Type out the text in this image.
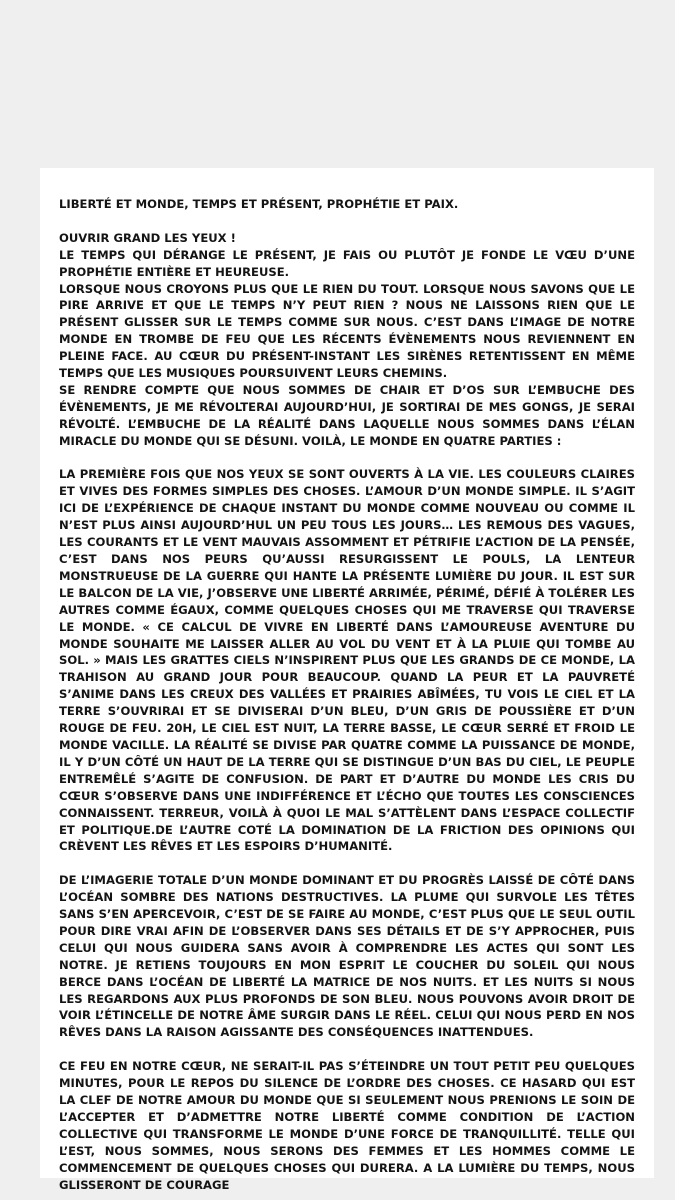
LIBERTÉ ET MONDE, TEMPS ET PRÉSENT, PROPHÉTIE ET PAIX.

OUVRIR GRAND LES YEUX !

LE TEMPS QUI DÉRANGE LE PRÉSENT, JE FAIS OU PLUTÔT JE FONDE LE VŒU D’UNE PROPHÉTIE ENTIÈRE ET HEUREUSE.

LORSQUE NOUS CROYONS PLUS QUE LE RIEN DU TOUT. LORSQUE NOUS SAVONS QUE LE PIRE ARRIVE ET QUE LE TEMPS N’Y PEUT RIEN ? NOUS NE LAISSONS RIEN QUE LE PRÉSENT GLISSER SUR LE TEMPS COMME SUR NOUS. C’EST DANS L’IMAGE DE NOTRE MONDE EN TROMBE DE FEU QUE LES RÉCENTS ÉVÈNEMENTS NOUS REVIENNENT EN PLEINE FACE. AU CŒUR DU PRÉSENT-INSTANT LES SIRÈNES RETENTISSENT EN MÊME TEMPS QUE LES MUSIQUES POURSUIVENT LEURS CHEMINS.

SE RENDRE COMPTE QUE NOUS SOMMES DE CHAIR ET D’OS SUR L’EMBUCHE DES ÉVÈNEMENTS, JE ME RÉVOLTERAI AUJOURD’HUI, JE SORTIRAI DE MES GONGS, JE SERAI RÉVOLTÉ. L’EMBUCHE DE LA RÉALITÉ DANS LAQUELLE NOUS SOMMES DANS L’ÉLAN MIRACLE DU MONDE QUI SE DÉSUNI. VOILÀ, LE MONDE EN QUATRE PARTIES :

LA PREMIÈRE FOIS QUE NOS YEUX SE SONT OUVERTS À LA VIE. LES COULEURS CLAIRES ET VIVES DES FORMES SIMPLES DES CHOSES. L’AMOUR D’UN MONDE SIMPLE. IL S’AGIT ICI DE L’EXPÉRIENCE DE CHAQUE INSTANT DU MONDE COMME NOUVEAU OU COMME IL N’EST PLUS AINSI AUJOURD’HUL UN PEU TOUS LES JOURS… LES REMOUS DES VAGUES, LES COURANTS ET LE VENT MAUVAIS ASSOMMENT ET PÉTRIFIE L’ACTION DE LA PENSÉE, C’EST DANS NOS PEURS QU’AUSSI RESURGISSENT LE POULS, LA LENTEUR MONSTRUEUSE DE LA GUERRE QUI HANTE LA PRÉSENTE LUMIÈRE DU JOUR. IL EST SUR LE BALCON DE LA VIE, J’OBSERVE UNE LIBERTÉ ARRIMÉE, PÉRIMÉ, DÉFIÉ À TOLÉRER LES AUTRES COMME ÉGAUX, COMME QUELQUES CHOSES QUI ME TRAVERSE QUI TRAVERSE LE MONDE. « CE CALCUL DE VIVRE EN LIBERTÉ DANS L’AMOUREUSE AVENTURE DU MONDE SOUHAITE ME LAISSER ALLER AU VOL DU VENT ET À LA PLUIE QUI TOMBE AU SOL. » MAIS LES GRATTES CIELS N’INSPIRENT PLUS QUE LES GRANDS DE CE MONDE, LA TRAHISON AU GRAND JOUR POUR BEAUCOUP. QUAND LA PEUR ET LA PAUVRETÉ S’ANIME DANS LES CREUX DES VALLÉES ET PRAIRIES ABÎMÉES, TU VOIS LE CIEL ET LA TERRE S’OUVRIRAI ET SE DIVISERAI D’UN BLEU, D’UN GRIS DE POUSSIÈRE ET D’UN ROUGE DE FEU. 20H, LE CIEL EST NUIT, LA TERRE BASSE, LE CŒUR SERRÉ ET FROID LE MONDE VACILLE. LA RÉALITÉ SE DIVISE PAR QUATRE COMME LA PUISSANCE DE MONDE, IL Y D’UN CÔTÉ UN HAUT DE LA TERRE QUI SE DISTINGUE D’UN BAS DU CIEL, LE PEUPLE ENTREMÊLÉ S’AGITE DE CONFUSION. DE PART ET D’AUTRE DU MONDE LES CRIS DU CŒUR S’OBSERVE DANS UNE INDIFFÉRENCE ET L’ÉCHO QUE TOUTES LES CONSCIENCES CONNAISSENT. TERREUR, VOILÀ À QUOI LE MAL S’ATTÈLENT DANS L’ESPACE COLLECTIF ET POLITIQUE.DE L’AUTRE COTÉ LA DOMINATION DE LA FRICTION DES OPINIONS QUI CRÈVENT LES RÊVES ET LES ESPOIRS D’HUMANITÉ.

DE L’IMAGERIE TOTALE D’UN MONDE DOMINANT ET DU PROGRÈS LAISSÉ DE CÔTÉ DANS L’OCÉAN SOMBRE DES NATIONS DESTRUCTIVES. LA PLUME QUI SURVOLE LES TÊTES SANS S’EN APERCEVOIR, C’EST DE SE FAIRE AU MONDE, C’EST PLUS QUE LE SEUL OUTIL POUR DIRE VRAI AFIN DE L’OBSERVER DANS SES DÉTAILS ET DE S’Y APPROCHER, PUIS CELUI QUI NOUS GUIDERA SANS AVOIR À COMPRENDRE LES ACTES QUI SONT LES NOTRE. JE RETIENS TOUJOURS EN MON ESPRIT LE COUCHER DU SOLEIL QUI NOUS BERCE DANS L’OCÉAN DE LIBERTÉ LA MATRICE DE NOS NUITS. ET LES NUITS SI NOUS LES REGARDONS AUX PLUS PROFONDS DE SON BLEU. NOUS POUVONS AVOIR DROIT DE VOIR L’ÉTINCELLE DE NOTRE ÂME SURGIR DANS LE RÉEL. CELUI QUI NOUS PERD EN NOS RÊVES DANS LA RAISON AGISSANTE DES CONSÉQUENCES INATTENDUES.

CE FEU EN NOTRE CŒUR, NE SERAIT-IL PAS S’ÉTEINDRE UN TOUT PETIT PEU QUELQUES MINUTES, POUR LE REPOS DU SILENCE DE L’ORDRE DES CHOSES. CE HASARD QUI EST LA CLEF DE NOTRE AMOUR DU MONDE QUE SI SEULEMENT NOUS PRENIONS LE SOIN DE L’ACCEPTER ET D’ADMETTRE NOTRE LIBERTÉ COMME CONDITION DE L’ACTION COLLECTIVE QUI TRANSFORME LE MONDE D’UNE FORCE DE TRANQUILLITÉ. TELLE QUI L’EST, NOUS SOMMES, NOUS SERONS DES FEMMES ET LES HOMMES COMME LE COMMENCEMENT DE QUELQUES CHOSES QUI DURERA. A LA LUMIÈRE DU TEMPS, NOUS GLISSERONT DE COURAGE
